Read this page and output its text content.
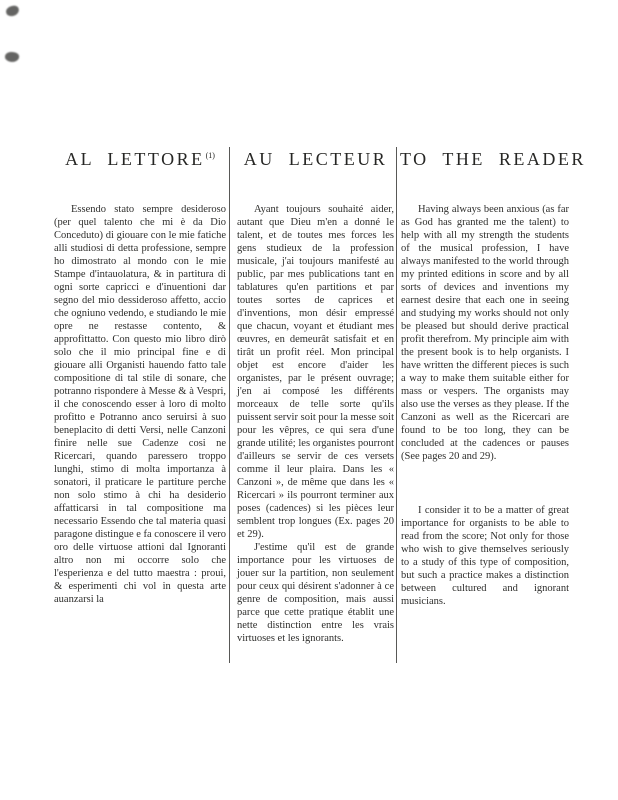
AL LETTORE$^{(1)}$	AU LECTEUR TO THE READER

Essendo stato sempre desideroso (per quel talento che mi è da Dio Conceduto) di giouare con le mie fatiche alli studiosi di detta professione, sempre ho dimostrato al mondo con le mie Stampe d'intauolatura, & in partitura di ogni sorte capricci e d'inuentioni dar segno del mio dessideroso affetto, accio che ogniuno vedendo, e studiando le mie opre ne restasse contento, & approfittatto. Con questo mio libro dirò solo che il mio principal fine e di giouare alli Organisti hauendo fatto tale compositione di tal stile di sonare, che potranno rispondere à Messe & à Vespri, il che conoscendo esser à loro di molto profitto e Potranno anco seruirsi à suo beneplacito di detti Versi, nelle Canzoni finire nelle sue Cadenze cosi ne Ricercari, quando paressero troppo lunghi, stimo di molta importanza à sonatori, il praticare le partiture perche non solo stimo à chi ha desiderio affatticarsi in tal compositione ma necessario Essendo che tal materia quasi paragone distingue e fa conoscere il vero oro delle virtuose attioni dal Ignoranti altro non mi occorre solo che l'esperienza e del tutto maestra : proui, & esperimenti chi vol in questa arte auanzarsi la

Ayant toujours souhaité aider, autant que Dieu m'en a donné le talent, et de toutes mes forces les gens studieux de la profession musicale, j'ai toujours manifesté au public, par mes publications tant en tablatures qu'en partitions et par toutes sortes de caprices et d'inventions, mon désir empressé que chacun, voyant et étudiant mes œuvres, en demeurât satisfait et en tirât un profit réel. Mon principal objet est encore d'aider les organistes, par le présent ouvrage; j'en ai composé les différents morceaux de telle sorte qu'ils puissent servir soit pour la messe soit pour les vêpres, ce qui sera d'une grande utilité; les organistes pourront d'ailleurs se servir de ces versets comme il leur plaira. Dans les « Canzoni », de même que dans les « Ricercari » ils pourront terminer aux poses (cadences) si les pièces leur semblent trop longues (Ex. pages 20 et 29).

J'estime qu'il est de grande importance pour les virtuoses de jouer sur la partition, non seulement pour ceux qui désirent s'adonner à ce genre de composition, mais aussi parce que cette pratique établit une nette distinction entre les vrais virtuoses et les ignorants.

Having always been anxious (as far as God has granted me the talent) to help with all my strength the students of the musical profession, I have always manifested to the world through my printed editions in score and by all sorts of devices and inventions my earnest desire that each one in seeing and studying my works should not only be pleased but should derive practical profit therefrom. My principle aim with the present book is to help organists. I have written the different pieces is such a way to make them suitable either for mass or vespers. The organists may also use the verses as they please. If the Canzoni as well as the Ricercari are found to be too long, they can be concluded at the cadences or pauses (See pages 20 and 29).

I consider it to be a matter of great importance for organists to be able to read from the score; Not only for those who wish to give themselves seriously to a study of this type of composition, but such a practice makes a distinction between cultured and ignorant musicians.
